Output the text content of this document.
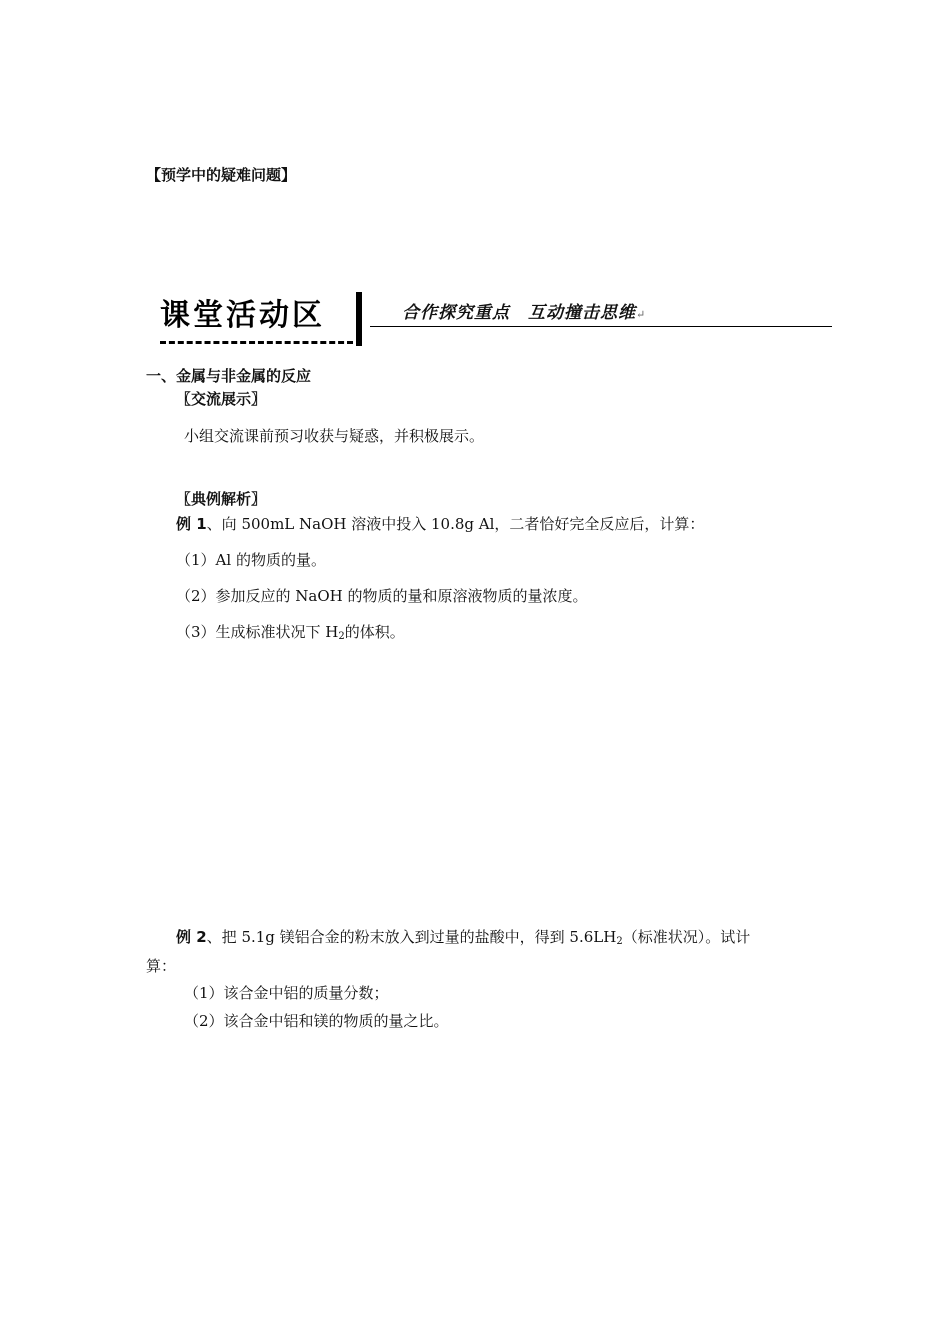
【预学中的疑难问题】
课堂活动区	合作探究重点　互动撞击思维↵
一、金属与非金属的反应
〖交流展示〗
小组交流课前预习收获与疑惑，并积极展示。
〖典例解析〗
例 1、向 500mL NaOH 溶液中投入 10.8g Al，二者恰好完全反应后，计算：
（1）Al 的物质的量。
（2）参加反应的 NaOH 的物质的量和原溶液物质的量浓度。
（3）生成标准状况下 $H_2$的体积。
例 2、把 5.1g 镁铝合金的粉末放入到过量的盐酸中，得到 $5.6LH_2$（标准状况）。试计
算：
（1）该合金中铝的质量分数；
（2）该合金中铝和镁的物质的量之比。
